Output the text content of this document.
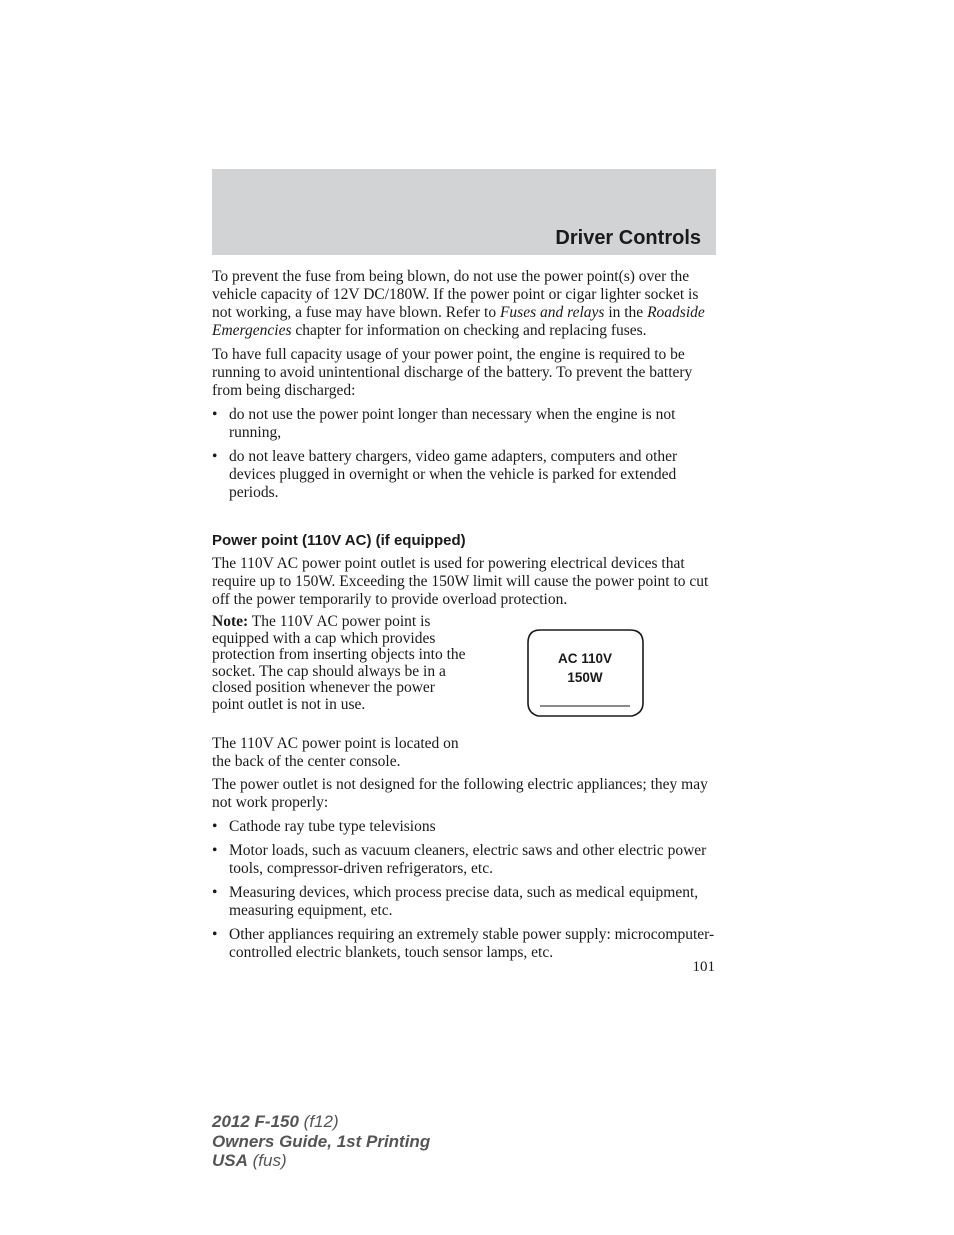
Driver Controls

To prevent the fuse from being blown, do not use the power point(s) over the vehicle capacity of 12V DC/180W. If the power point or cigar lighter socket is not working, a fuse may have blown. Refer to Fuses and relays in the Roadside Emergencies chapter for information on checking and replacing fuses.

To have full capacity usage of your power point, the engine is required to be running to avoid unintentional discharge of the battery. To prevent the battery from being discharged:

• do not use the power point longer than necessary when the engine is not running,

• do not leave battery chargers, video game adapters, computers and other devices plugged in overnight or when the vehicle is parked for extended periods.

Power point (110V AC) (if equipped)

The 110V AC power point outlet is used for powering electrical devices that require up to 150W. Exceeding the 150W limit will cause the power point to cut off the power temporarily to provide overload protection.

Note: The 110V AC power point is equipped with a cap which provides protection from inserting objects into the socket. The cap should always be in a closed position whenever the power point outlet is not in use.

The 110V AC power point is located on the back of the center console.

AC 110V
150W

The power outlet is not designed for the following electric appliances; they may not work properly:

• Cathode ray tube type televisions

• Motor loads, such as vacuum cleaners, electric saws and other electric power tools, compressor-driven refrigerators, etc.

• Measuring devices, which process precise data, such as medical equipment, measuring equipment, etc.

• Other appliances requiring an extremely stable power supply: microcomputer-controlled electric blankets, touch sensor lamps, etc.

101
2012 F-150 (f12)
Owners Guide, 1st Printing
USA (fus)
